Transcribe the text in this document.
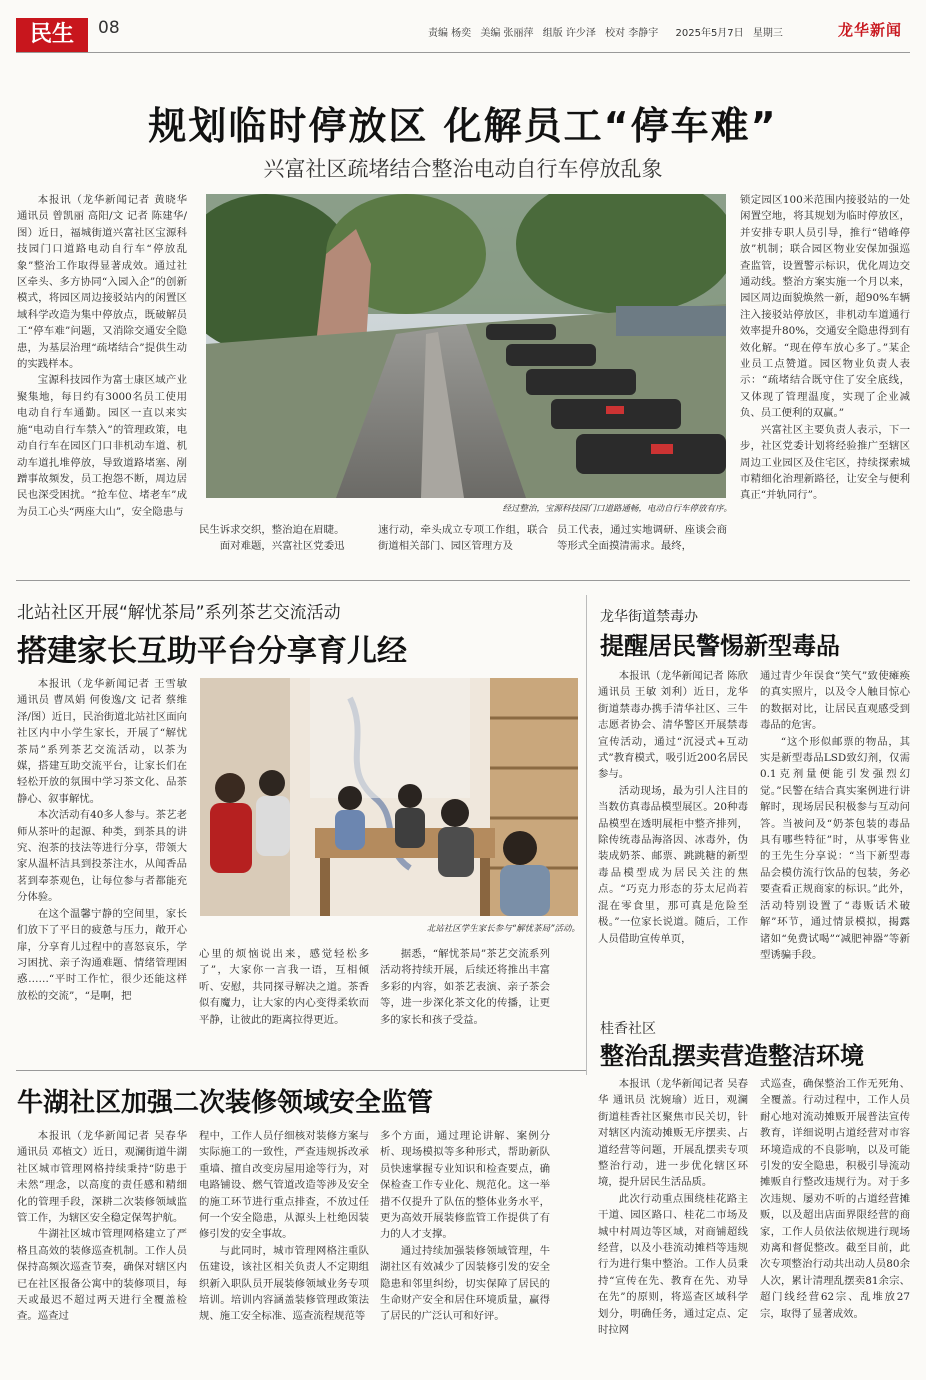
民生	08	责编 杨奕 美编 张丽萍 组版 许少泽 校对 李静宇 2025年5月7日 星期三	龙华新闻
规划临时停放区 化解员工“停车难”
兴富社区疏堵结合整治电动自行车停放乱象

本报讯（龙华新闻记者 黄晓华 通讯员 曾凯丽 高阳/文 记者 陈建华/图）近日，福城街道兴富社区宝源科技园门口道路电动自行车“停放乱象”整治工作取得显著成效。通过社区牵头、多方协同“入园入企”的创新模式，将园区周边接驳站内的闲置区域科学改造为集中停放点，既破解员工“停车难”问题，又消除交通安全隐患，为基层治理“疏堵结合”提供生动的实践样本。

宝源科技园作为富士康区域产业聚集地，每日约有3000名员工使用电动自行车通勤。园区一直以来实施“电动自行车禁入”的管理政策，电动自行车在园区门口非机动车道、机动车道扎堆停放，导致道路堵塞、剐蹭事故频发，员工抱怨不断，周边居民也深受困扰。“抢车位、堵老车”成为员工心头“两座大山”，安全隐患与	经过整治，宝源科技园门口道路通畅，电动自行车停放有序。

民生诉求交织，整治迫在眉睫。

面对难题，兴富社区党委迅

速行动，牵头成立专项工作组，联合街道相关部门、园区管理方及

员工代表，通过实地调研、座谈会商等形式全面摸清需求。最终，

锁定园区100米范围内接驳站的一处闲置空地，将其规划为临时停放区，并安排专职人员引导，推行“错峰停放”机制；联合园区物业安保加强巡查监管，设置警示标识，优化周边交通动线。整治方案实施一个月以来，园区周边面貌焕然一新，超90%车辆注入接驳站停放区，非机动车道通行效率提升80%，交通安全隐患得到有效化解。“现在停车放心多了。”某企业员工点赞道。园区物业负责人表示：“疏堵结合既守住了安全底线，又体现了管理温度，实现了企业减负、员工便利的双赢。”

兴富社区主要负责人表示，下一步，社区党委计划将经验推广至辖区周边工业园区及住宅区，持续探索城市精细化治理新路径，让安全与便利真正“并轨同行”。

北站社区开展“解忧茶局”系列茶艺交流活动
搭建家长互助平台分享育儿经

本报讯（龙华新闻记者 王雪敏 通讯员 曹凤娟 何俊逸/文 记者 蔡维泽/图）近日，民治街道北站社区面向社区内中小学生家长，开展了“解忧茶局”系列茶艺交流活动，以茶为媒，搭建互助交流平台，让家长们在轻松开放的氛围中学习茶文化、品茶静心、叙事解忧。

本次活动有40多人参与。茶艺老师从茶叶的起源、种类，到茶具的讲究、泡茶的技法等进行分享，带领大家从温杯洁具到投茶注水，从闻香品茗到奉茶观色，让每位参与者都能充分体验。

在这个温馨宁静的空间里，家长们放下了平日的疲惫与压力，敞开心扉，分享育儿过程中的喜怒哀乐，学习困扰、亲子沟通难题、情绪管理困惑……“平时工作忙，很少还能这样放松的交流”，“是啊，把

北站社区学生家长参与“解忧茶局”活动。

心里的烦恼说出来，感觉轻松多了”，大家你一言我一语，互相倾听、安慰，共同探寻解决之道。茶香似有魔力，让大家的内心变得柔软而平静，让彼此的距离拉得更近。

据悉，“解忧茶局”茶艺交流系列活动将持续开展，后续还将推出丰富多彩的内容，如茶艺表演、亲子茶会等，进一步深化茶文化的传播，让更多的家长和孩子受益。

龙华街道禁毒办
提醒居民警惕新型毒品

本报讯（龙华新闻记者 陈欣 通讯员 王敏 刘利）近日，龙华街道禁毒办携手清华社区、三牛志愿者协会、清华警区开展禁毒宣传活动，通过“沉浸式+互动式”教育模式，吸引近200名居民参与。

活动现场，最为引人注目的当数仿真毒品模型展区。20种毒品模型在透明展柜中整齐排列，除传统毒品海洛因、冰毒外，伪装成奶茶、邮票、跳跳糖的新型毒品模型成为居民关注的焦点。“巧克力形态的芬太尼尚若混在零食里，那可真是危险至极。”一位家长说道。随后，工作人员借助宣传单页，

通过青少年误食“笑气”致使瘫痪的真实照片，以及令人触目惊心的数据对比，让居民直观感受到毒品的危害。

“这个形似邮票的物品，其实是新型毒品LSD致幻剂，仅需0.1克剂量便能引发强烈幻觉。”民警在结合真实案例进行讲解时，现场居民积极参与互动问答。当被问及“奶茶包装的毒品具有哪些特征”时，从事零售业的王先生分享说：“当下新型毒品会模仿流行饮品的包装，务必要查看正规商家的标识。”此外，活动特别设置了“毒贩话术破解”环节，通过情景模拟，揭露诸如“免费试喝”“减肥神器”等新型诱骗手段。

牛湖社区加强二次装修领域安全监管

本报讯（龙华新闻记者 吴春华 通讯员 邓植文）近日，观澜街道牛湖社区城市管理网格持续秉持“防患于未然”理念，以高度的责任感和精细化的管理手段，深耕二次装修领域监管工作，为辖区安全稳定保驾护航。

牛湖社区城市管理网格建立了严格且高效的装修巡查机制。工作人员保持高频次巡查节奏，确保对辖区内已在社区报备公寓中的装修项目，每天或最迟不超过两天进行全覆盖检查。巡查过

程中，工作人员仔细核对装修方案与实际施工的一致性，严查违规拆改承重墙、擅自改变房屋用途等行为，对电路铺设、燃气管道改造等涉及安全的施工环节进行重点排查，不放过任何一个安全隐患，从源头上杜绝因装修引发的安全事故。

与此同时，城市管理网格注重队伍建设，该社区相关负责人不定期组织新入职队员开展装修领域业务专项培训。培训内容涵盖装修管理政策法规、施工安全标准、巡查流程规范等

多个方面，通过理论讲解、案例分析、现场模拟等多种形式，帮助新队员快速掌握专业知识和检查要点，确保检查工作专业化、规范化。这一举措不仅提升了队伍的整体业务水平，更为高效开展装修监管工作提供了有力的人才支撑。

通过持续加强装修领域管理，牛湖社区有效减少了因装修引发的安全隐患和邻里纠纷，切实保障了居民的生命财产安全和居住环境质量，赢得了居民的广泛认可和好评。

桂香社区
整治乱摆卖营造整洁环境

本报讯（龙华新闻记者 吴春华 通讯员 沈婉瑜）近日，观澜街道桂香社区聚焦市民关切，针对辖区内流动摊贩无序摆卖、占道经营等问题，开展乱摆卖专项整治行动，进一步优化辖区环境，提升居民生活品质。

此次行动重点围绕桂花路主干道、园区路口、桂花二市场及城中村周边等区域，对商铺超线经营，以及小巷流动摊档等违规行为进行集中整治。工作人员秉持“宣传在先、教育在先、劝导在先”的原则，将巡查区域科学划分，明确任务，通过定点、定时拉网

式巡查，确保整治工作无死角、全覆盖。行动过程中，工作人员耐心地对流动摊贩开展普法宣传教育，详细说明占道经营对市容环境造成的不良影响，以及可能引发的安全隐患，积极引导流动摊贩自行整改违规行为。对于多次违规、屡劝不听的占道经营摊贩，以及超出店面界限经营的商家，工作人员依法依规进行现场劝离和督促整改。截至目前，此次专项整治行动共出动人员80余人次，累计清理乱摆卖81余宗、超门线经营62宗、乱堆放27宗，取得了显著成效。
